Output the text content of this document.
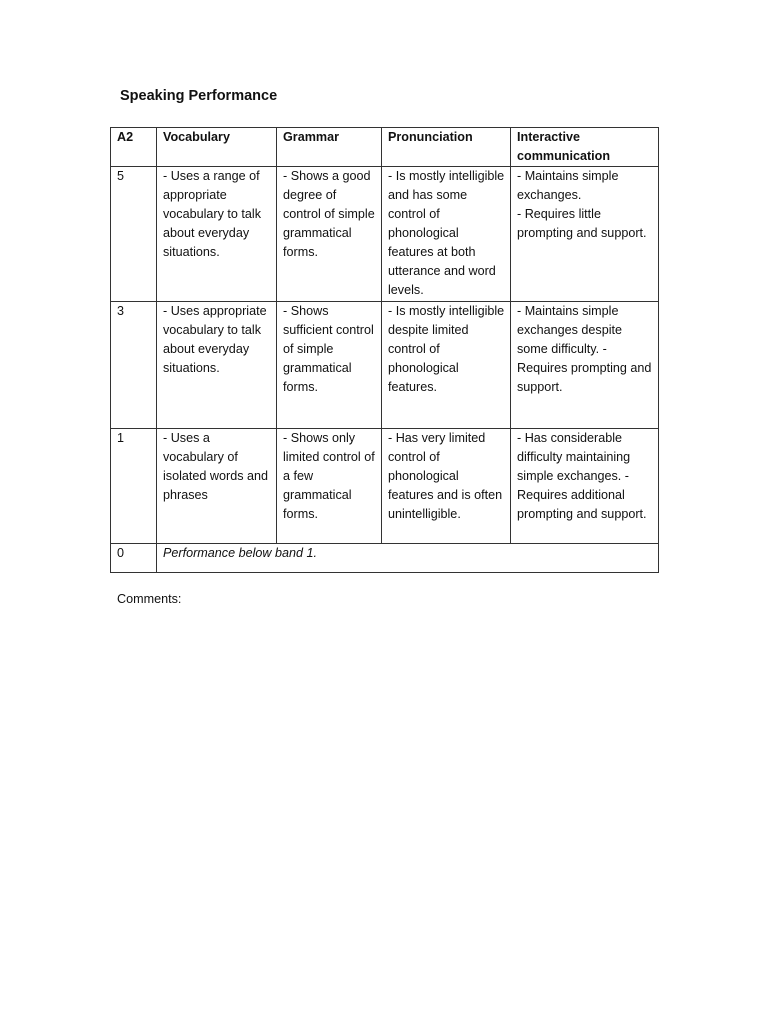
Speaking Performance
A2	Vocabulary	Grammar	Pronunciation	Interactive communication
5	- Uses a range of appropriate vocabulary to talk about everyday situations.	- Shows a good degree of control of simple grammatical forms.	- Is mostly intelligible and has some control of phonological features at both utterance and word levels.	- Maintains simple exchanges.
- Requires little prompting and support.
3	- Uses appropriate vocabulary to talk about everyday situations.	- Shows sufficient control of simple grammatical forms.	- Is mostly intelligible despite limited control of phonological features.	- Maintains simple exchanges despite some difficulty. - Requires prompting and support.
1	- Uses a vocabulary of isolated words and phrases	- Shows only limited control of a few grammatical forms.	- Has very limited control of phonological features and is often unintelligible.	- Has considerable difficulty maintaining simple exchanges. - Requires additional prompting and support.
0	Performance below band 1.			
Comments:
